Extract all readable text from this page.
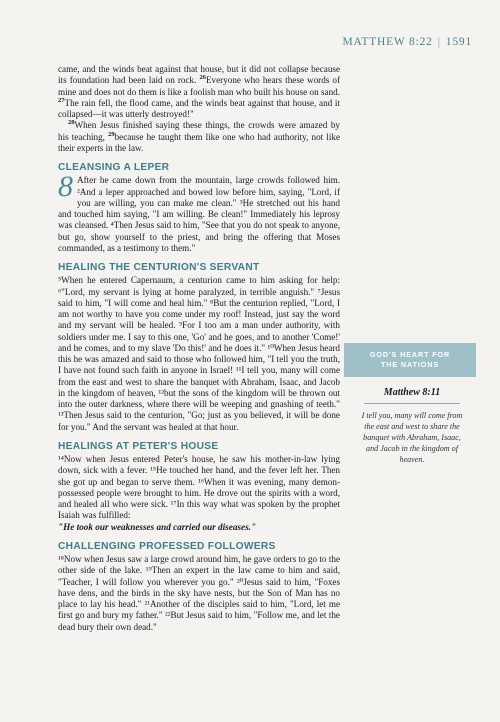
MATTHEW 8:22 | 1591

came, and the winds beat against that house, but it did not collapse because its foundation had been laid on rock. $^{26}$Everyone who hears these words of mine and does not do them is like a foolish man who built his house on sand. $^{27}$The rain fell, the flood came, and the winds beat against that house, and it collapsed—it was utterly destroyed!"

$^{28}$When Jesus finished saying these things, the crowds were amazed by his teaching, $^{29}$because he taught them like one who had authority, not like their experts in the law.

CLEANSING A LEPER

8 After he came down from the mountain, large crowds followed him. ²And a leper approached and bowed low before him, saying, "Lord, if you are willing, you can make me clean." ³He stretched out his hand and touched him saying, "I am willing. Be clean!" Immediately his leprosy was cleansed. ⁴Then Jesus said to him, "See that you do not speak to anyone, but go, show yourself to the priest, and bring the offering that Moses commanded, as a testimony to them."

HEALING THE CENTURION'S SERVANT

⁵When he entered Capernaum, a centurion came to him asking for help: ⁶"Lord, my servant is lying at home paralyzed, in terrible anguish." ⁷Jesus said to him, "I will come and heal him." ⁸But the centurion replied, "Lord, I am not worthy to have you come under my roof! Instead, just say the word and my servant will be healed. ⁹For I too am a man under authority, with soldiers under me. I say to this one, 'Go' and he goes, and to another 'Come!' and he comes, and to my slave 'Do this!' and he does it." ¹⁰When Jesus heard this he was amazed and said to those who followed him, "I tell you the truth, I have not found such faith in anyone in Israel! ¹¹I tell you, many will come from the east and west to share the banquet with Abraham, Isaac, and Jacob in the kingdom of heaven, ¹²but the sons of the kingdom will be thrown out into the outer darkness, where there will be weeping and gnashing of teeth." ¹³Then Jesus said to the centurion, "Go; just as you believed, it will be done for you." And the servant was healed at that hour.

HEALINGS AT PETER'S HOUSE

¹⁴Now when Jesus entered Peter's house, he saw his mother-in-law lying down, sick with a fever. ¹⁵He touched her hand, and the fever left her. Then she got up and began to serve them. ¹⁶When it was evening, many demon-possessed people were brought to him. He drove out the spirits with a word, and healed all who were sick. ¹⁷In this way what was spoken by the prophet Isaiah was fulfilled:

"He took our weaknesses and carried our diseases."

CHALLENGING PROFESSED FOLLOWERS

¹⁸Now when Jesus saw a large crowd around him, he gave orders to go to the other side of the lake. ¹⁹Then an expert in the law came to him and said, "Teacher, I will follow you wherever you go." ²⁰Jesus said to him, "Foxes have dens, and the birds in the sky have nests, but the Son of Man has no place to lay his head." ²¹Another of the disciples said to him, "Lord, let me first go and bury my father." ²²But Jesus said to him, "Follow me, and let the dead bury their own dead."

GOD'S HEART FOR
THE NATIONS
Matthew 8:11
I tell you, many will come from the east and west to share the banquet with Abraham, Isaac, and Jacob in the kingdom of heaven.
